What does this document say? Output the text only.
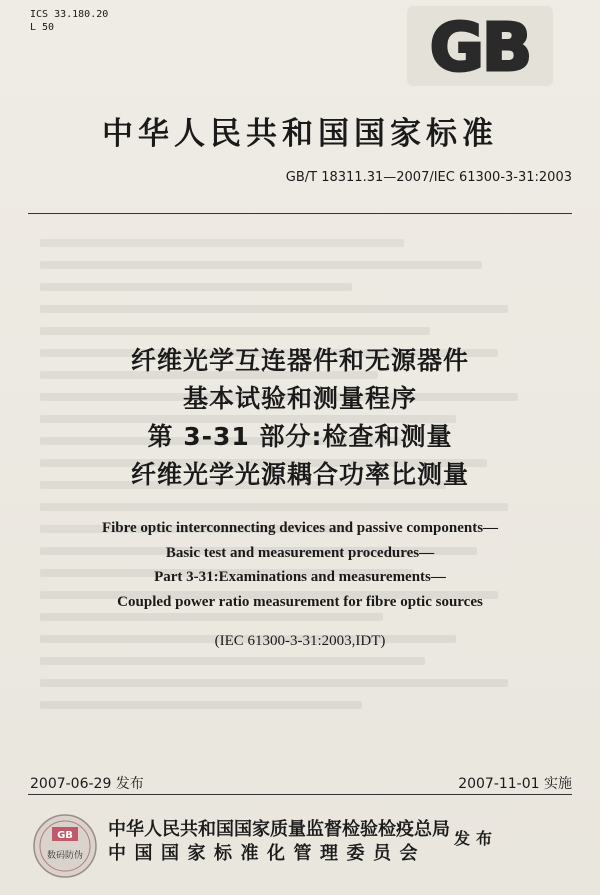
ICS 33.180.20
L 50	GB
中华人民共和国国家标准
GB/T 18311.31—2007/IEC 61300-3-31:2003
纤维光学互连器件和无源器件
基本试验和测量程序
第 3-31 部分:检查和测量
纤维光学光源耦合功率比测量
Fibre optic interconnecting devices and passive components—
Basic test and measurement procedures—
Part 3-31:Examinations and measurements—
Coupled power ratio measurement for fibre optic sources
(IEC 61300-3-31:2003,IDT)
2007-06-29 发布	2007-11-01 实施
GB
数码防伪
中华人民共和国国家质量监督检验检疫总局
中国国家标准化管理委员会
发布
